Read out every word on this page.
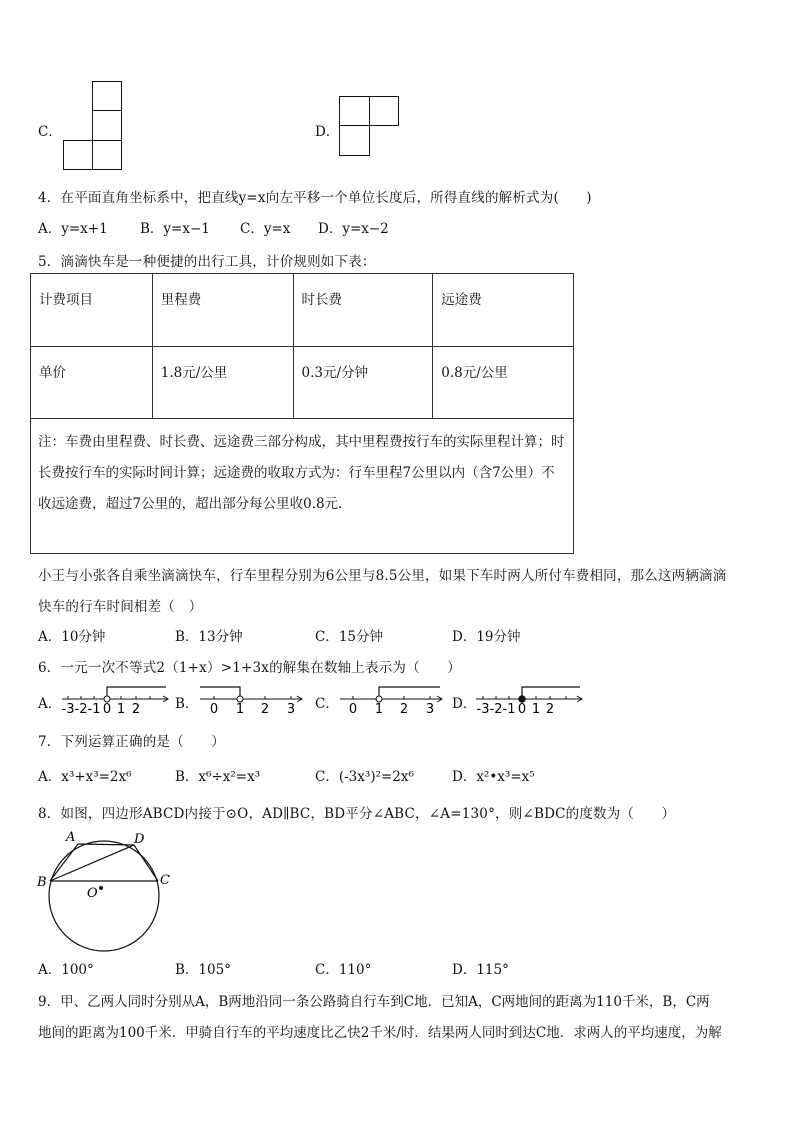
C．	D．
4．在平面直角坐标系中，把直线y=x向左平移一个单位长度后，所得直线的解析式为(　　)
A．y=x+1 B．y=x−1 C．y=x D．y=x−2
5．滴滴快车是一种便捷的出行工具，计价规则如下表：
计费项目	里程费	时长费	远途费
单价	1.8元/公里	0.3元/分钟	0.8元/公里
注：车费由里程费、时长费、远途费三部分构成，其中里程费按行车的实际里程计算；时长费按行车的实际时间计算；远途费的收取方式为：行车里程7公里以内（含7公里）不收远途费，超过7公里的，超出部分每公里收0.8元.			
小王与小张各自乘坐滴滴快车，行车里程分别为6公里与8.5公里，如果下车时两人所付车费相同，那么这两辆滴滴
快车的行车时间相差（　）
A．10分钟	B．13分钟	C．15分钟	D．19分钟
6．一元一次不等式2（1+x）>1+3x的解集在数轴上表示为（　　）
A． -3 -2 -1 0 1 2	B． 0 1 2 3 C． 0 1 2 3 D． -3 -2 -1 0 1 2
7．下列运算正确的是（　　）
A．x³+x³=2x⁶	B．x⁶÷x²=x³	C．(-3x³)²=2x⁶	D．x²•x³=x⁵
8．如图，四边形ABCD内接于⊙O，AD∥BC，BD平分∠ABC，∠A=130°，则∠BDC的度数为（　　）
A	D
B	C
O
A．100°	B．105°	C．110°	D．115°
9．甲、乙两人同时分别从A，B两地沿同一条公路骑自行车到C地．已知A，C两地间的距离为110千米，B，C两
地间的距离为100千米．甲骑自行车的平均速度比乙快2千米/时．结果两人同时到达C地．求两人的平均速度，为解
